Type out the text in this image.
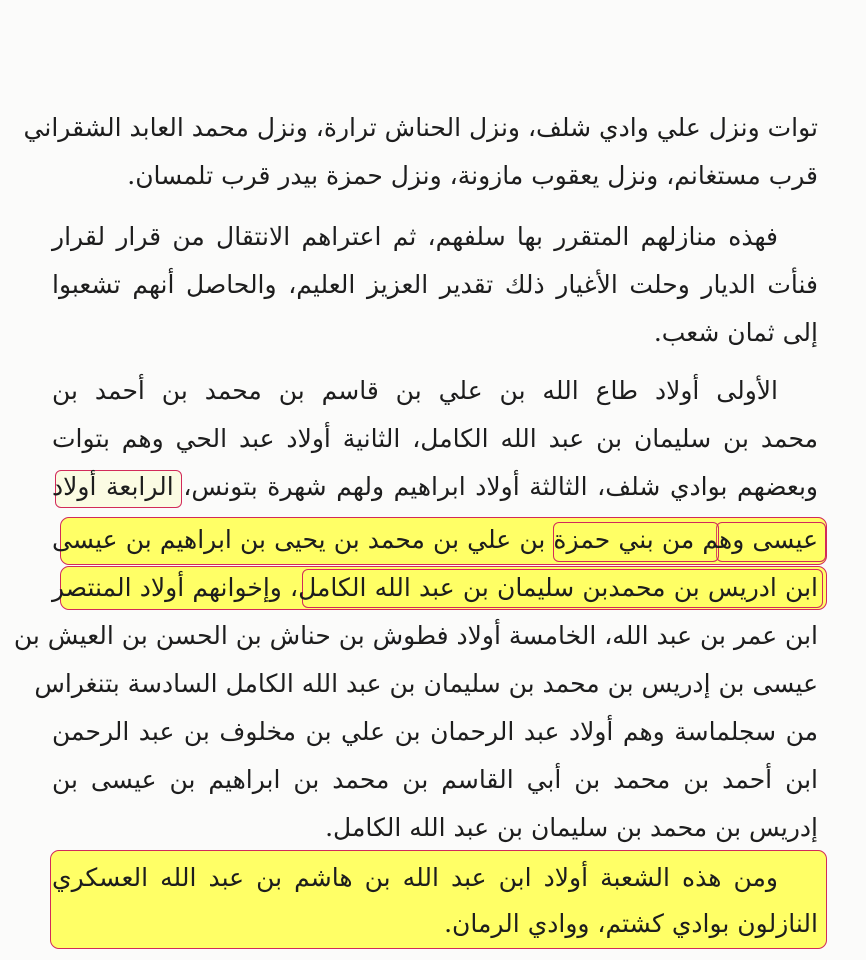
توات ونزل علي وادي شلف، ونزل الحناش ترارة، ونزل محمد العابد الشقراني
قرب مستغانم، ونزل يعقوب مازونة، ونزل حمزة بيدر قرب تلمسان.
فهذه منازلهم المتقرر بها سلفهم، ثم اعتراهم الانتقال من قرار لقرار
فنأت الديار وحلت الأغيار ذلك تقدير العزيز العليم، والحاصل أنهم تشعبوا
إلى ثمان شعب.
الأولى أولاد طاع الله بن علي بن قاسم بن محمد بن أحمد بن
محمد بن سليمان بن عبد الله الكامل، الثانية أولاد عبد الحي وهم بتوات
وبعضهم بوادي شلف، الثالثة أولاد ابراهيم ولهم شهرة بتونس، الرابعة أولاد
عيسى وهم من بني حمزة بن علي بن محمد بن يحيى بن ابراهيم بن عيسى
ابن ادريس بن محمدبن سليمان بن عبد الله الكامل، وإخوانهم أولاد المنتصر
ابن عمر بن عبد الله، الخامسة أولاد فطوش بن حناش بن الحسن بن العيش بن
عيسى بن إدريس بن محمد بن سليمان بن عبد الله الكامل السادسة بتنغراس
من سجلماسة وهم أولاد عبد الرحمان بن علي بن مخلوف بن عبد الرحمن
ابن أحمد بن محمد بن أبي القاسم بن محمد بن ابراهيم بن عيسى بن
إدريس بن محمد بن سليمان بن عبد الله الكامل.
ومن هذه الشعبة أولاد ابن عبد الله بن هاشم بن عبد الله العسكري
النازلون بوادي كشتم، ووادي الرمان.
